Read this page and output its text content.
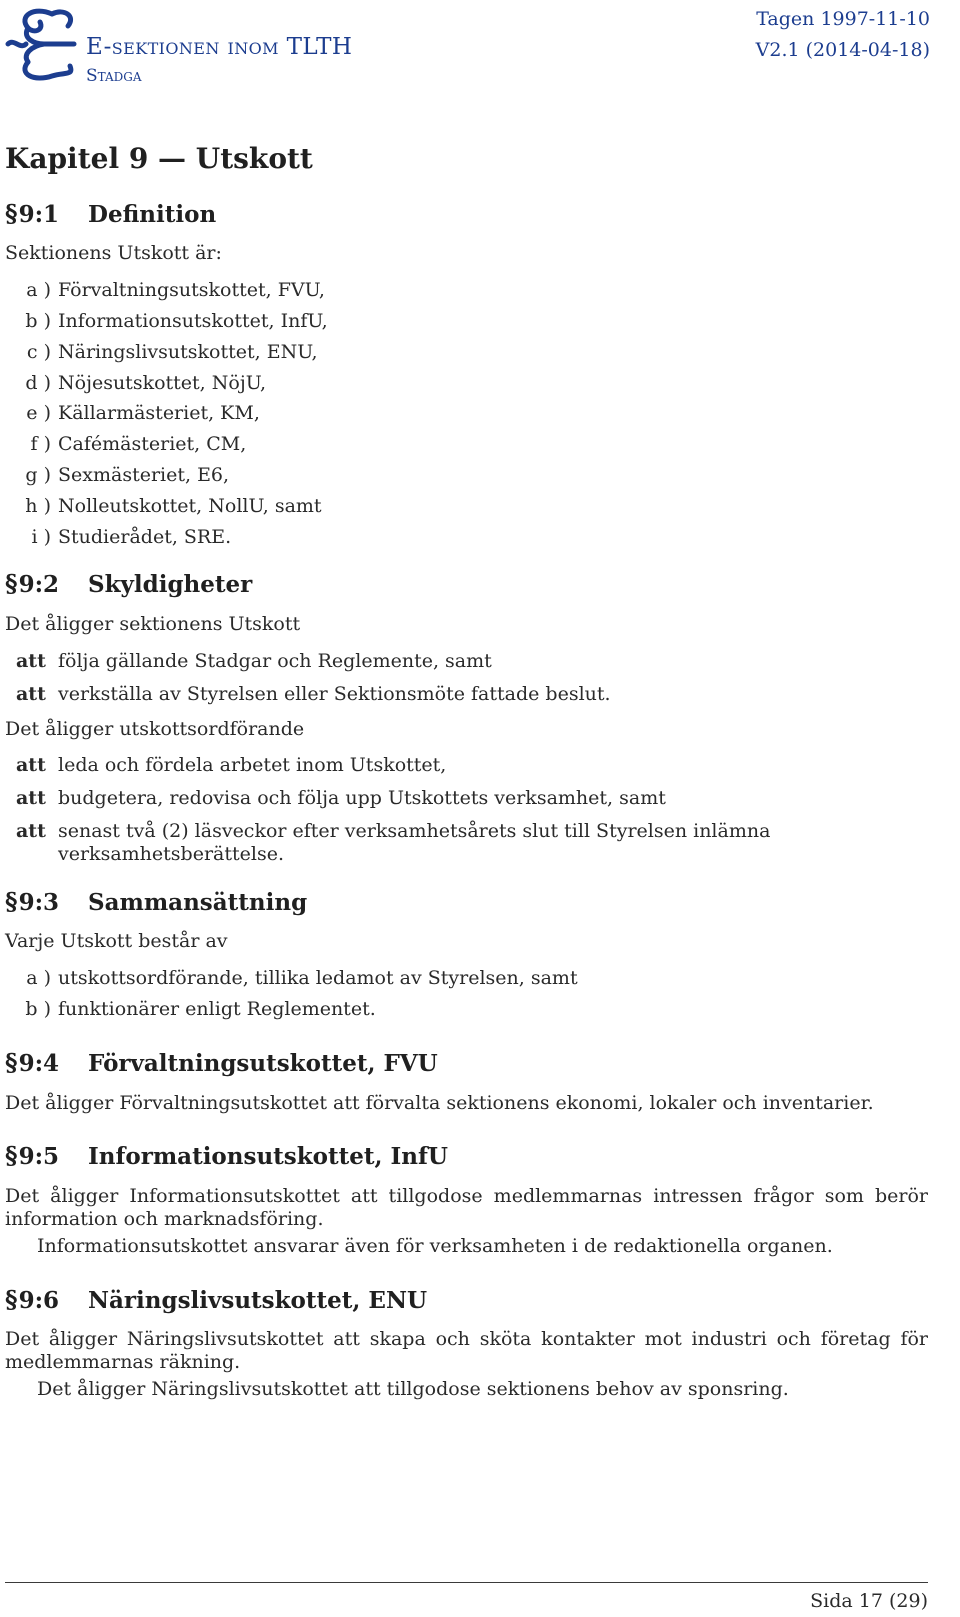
E-sektionen inom TLTH
Stadga
Tagen 1997-11-10
V2.1 (2014-04-18)
Kapitel 9 — Utskott
§9:1	Definition

Sektionens Utskott är:

a ) Förvaltningsutskottet, FVU,
b ) Informationsutskottet, InfU,
c ) Näringslivsutskottet, ENU,
d ) Nöjesutskottet, NöjU,
e ) Källarmästeriet, KM,
f ) Cafémästeriet, CM,
g ) Sexmästeriet, E6,
h ) Nolleutskottet, NollU, samt
i ) Studierådet, SRE.
§9:2	Skyldigheter

Det åligger sektionens Utskott

att följa gällande Stadgar och Reglemente, samt
att verkställa av Styrelsen eller Sektionsmöte fattade beslut.

Det åligger utskottsordförande

att leda och fördela arbetet inom Utskottet,
att budgetera, redovisa och följa upp Utskottets verksamhet, samt
att senast två (2) läsveckor efter verksamhetsårets slut till Styrelsen inlämna verksamhetsberättelse.
§9:3	Sammansättning

Varje Utskott består av

a ) utskottsordförande, tillika ledamot av Styrelsen, samt
b ) funktionärer enligt Reglementet.
§9:4	Förvaltningsutskottet, FVU

Det åligger Förvaltningsutskottet att förvalta sektionens ekonomi, lokaler och inventarier.

§9:5	Informationsutskottet, InfU

Det åligger Informationsutskottet att tillgodose medlemmarnas intressen frågor som berör information och marknadsföring.

Informationsutskottet ansvarar även för verksamheten i de redaktionella organen.

§9:6	Näringslivsutskottet, ENU

Det åligger Näringslivsutskottet att skapa och sköta kontakter mot industri och företag för medlemmarnas räkning.

Det åligger Näringslivsutskottet att tillgodose sektionens behov av sponsring.

Sida 17 (29)
